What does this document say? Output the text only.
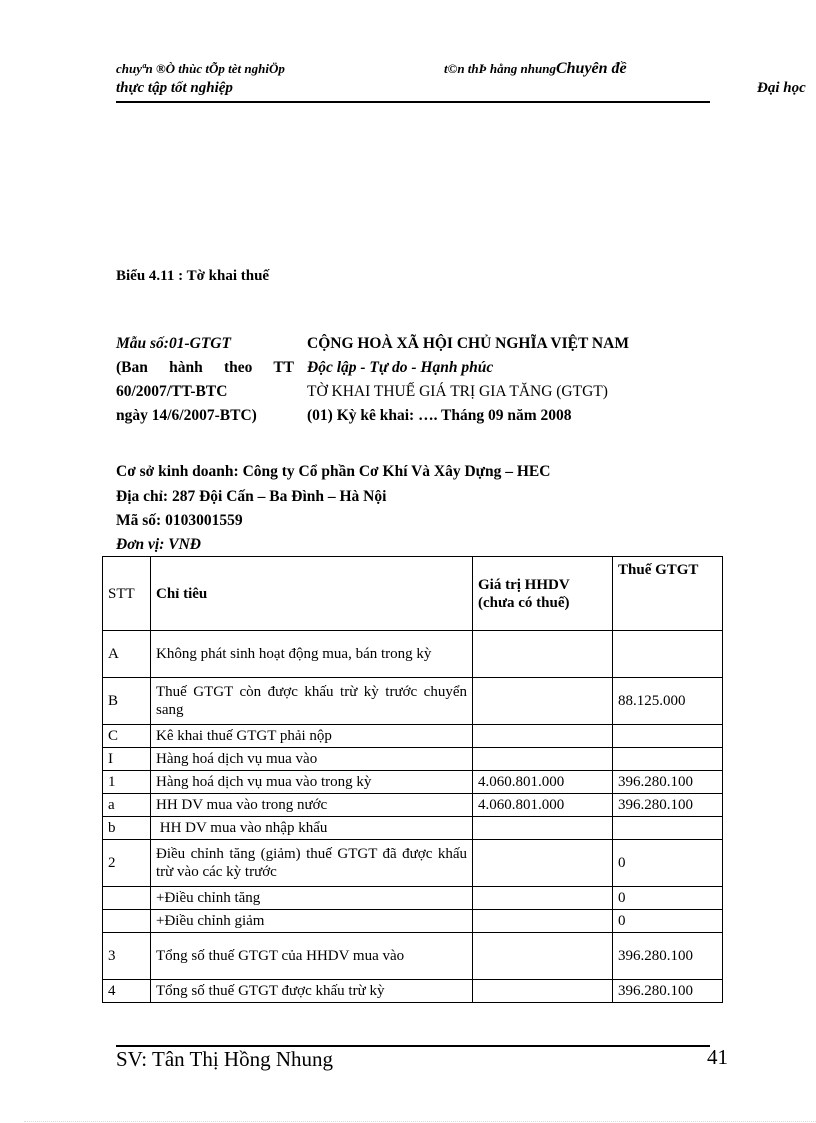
chuyªn ®Ò thùc tÕp tèt nghiÖp	t©n thÞ hång nhungChuyên đề
thực tập tốt nghiệp	Đại học
Biểu 4.11 : Tờ khai thuế
Mẫu số:01-GTGT
(Ban hành theo TT
60/2007/TT-BTC
ngày 14/6/2007-BTC)
CỘNG HOÀ XÃ HỘI CHỦ NGHĨA VIỆT NAM
Độc lập - Tự do - Hạnh phúc
TỜ KHAI THUẾ GIÁ TRỊ GIA TĂNG (GTGT)
(01) Kỳ kê khai: …. Tháng 09 năm 2008
Cơ sở kinh doanh: Công ty Cổ phần Cơ Khí Và Xây Dựng – HEC
Địa chỉ: 287 Đội Cấn – Ba Đình – Hà Nội
Mã số: 0103001559
Đơn vị: VNĐ
STT	Chỉ tiêu	Giá trị HHDV (chưa có thuế)	Thuế GTGT
A	Không phát sinh hoạt động mua, bán trong kỳ		
B	Thuế GTGT còn được khấu trừ kỳ trước chuyển sang		88.125.000
C	Kê khai thuế GTGT phải nộp		
I	Hàng hoá dịch vụ mua vào		
1	Hàng hoá dịch vụ mua vào trong kỳ	4.060.801.000	396.280.100
a	HH DV mua vào trong nước	4.060.801.000	396.280.100
b	HH DV mua vào nhập khẩu		
2	Điều chỉnh tăng (giảm) thuế GTGT đã được khấu trừ vào các kỳ trước		0
	+Điều chỉnh tăng		0
	+Điều chỉnh giảm		0
3	Tổng số thuế GTGT của HHDV mua vào		396.280.100
4	Tổng số thuế GTGT được khấu trừ kỳ		396.280.100
SV: Tân Thị Hồng Nhung	41
